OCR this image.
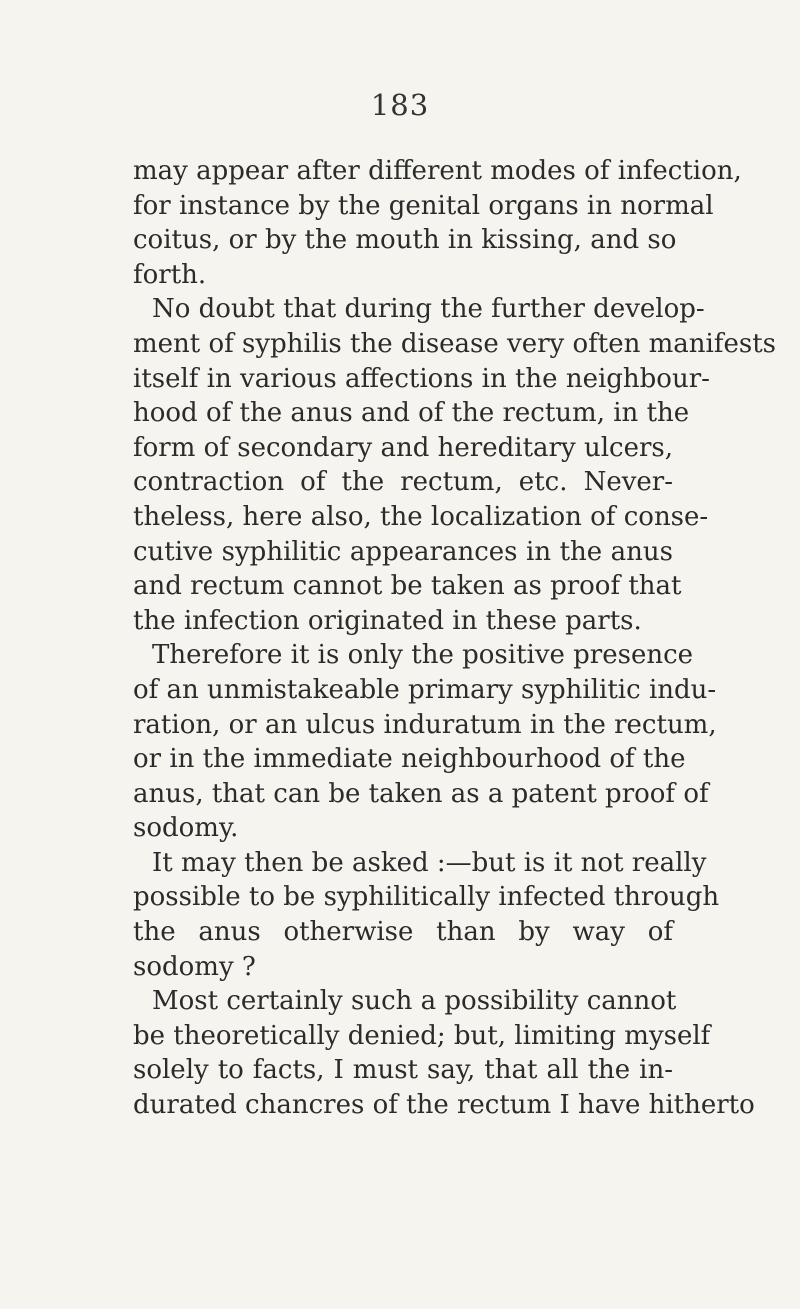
183
may appear after different modes of infection,
for instance by the genital organs in normal
coitus, or by the mouth in kissing, and so
forth.
No doubt that during the further develop-
ment of syphilis the disease very often manifests
itself in various affections in the neighbour-
hood of the anus and of the rectum, in the
form of secondary and hereditary ulcers,
contraction of the rectum, etc. Never-
theless, here also, the localization of conse-
cutive syphilitic appearances in the anus
and rectum cannot be taken as proof that
the infection originated in these parts.
Therefore it is only the positive presence
of an unmistakeable primary syphilitic indu-
ration, or an ulcus induratum in the rectum,
or in the immediate neighbourhood of the
anus, that can be taken as a patent proof of
sodomy.
It may then be asked :—but is it not really
possible to be syphilitically infected through
the anus otherwise than by way of
sodomy ?
Most certainly such a possibility cannot
be theoretically denied; but, limiting myself
solely to facts, I must say, that all the in-
durated chancres of the rectum I have hitherto
